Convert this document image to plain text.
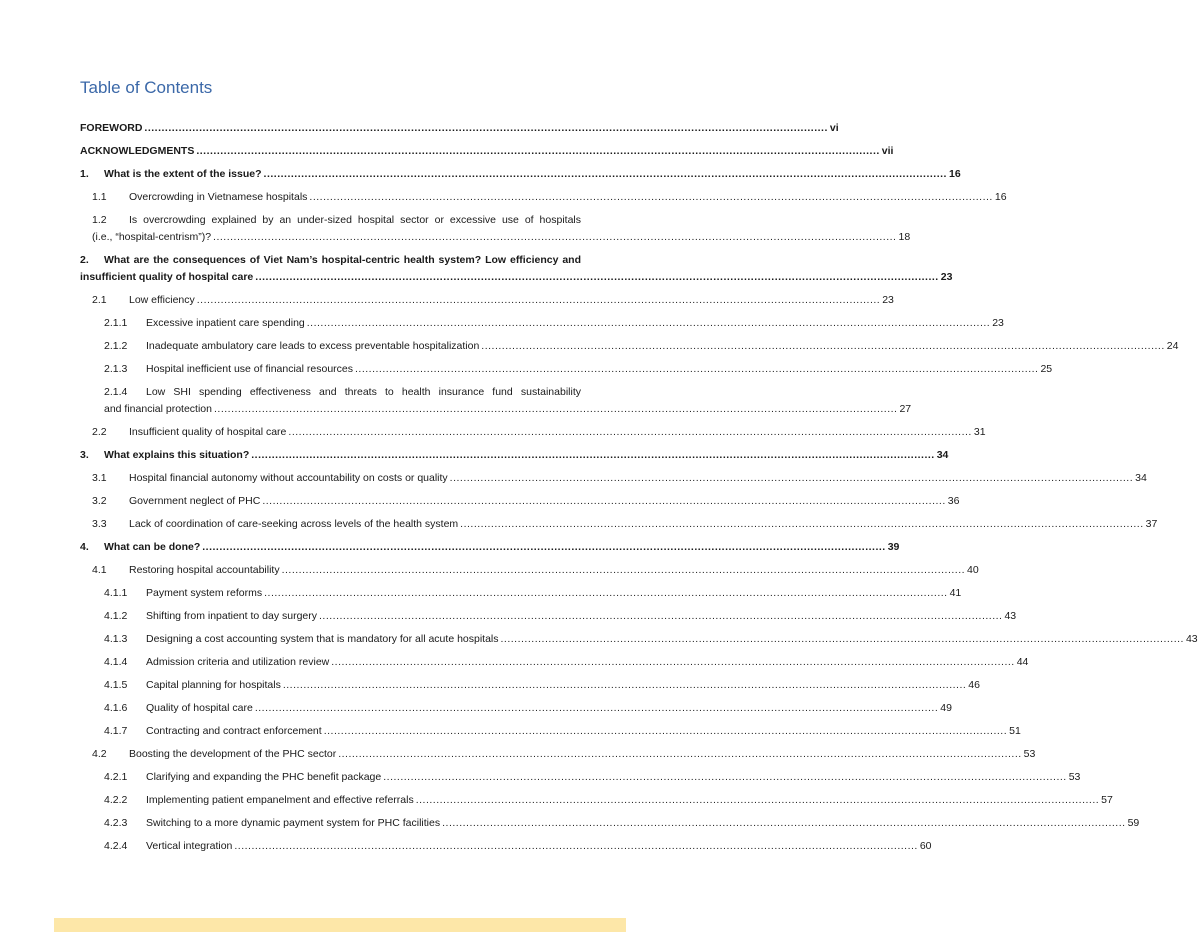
Table of Contents
FOREWORD .....	vi
ACKNOWLEDGMENTS .....	vii
1.	What is the extent of the issue? .....	16
1.1	Overcrowding in Vietnamese hospitals .....	16
1.2	Is overcrowding explained by an under-sized hospital sector or excessive use of hospitals
(i.e., “hospital-centrism”)? .....	18
2.	What are the consequences of Viet Nam’s hospital-centric health system? Low efficiency and
insufficient quality of hospital care .....	23
2.1	Low efficiency .....	23
2.1.1	Excessive inpatient care spending .....	23
2.1.2	Inadequate ambulatory care leads to excess preventable hospitalization .....	24
2.1.3	Hospital inefficient use of financial resources .....	25
2.1.4	Low SHI spending effectiveness and threats to health insurance fund sustainability
and financial protection .....	27
2.2	Insufficient quality of hospital care .....	31
3.	What explains this situation? .....	34
3.1	Hospital financial autonomy without accountability on costs or quality .....	34
3.2	Government neglect of PHC .....	36
3.3	Lack of coordination of care-seeking across levels of the health system .....	37
4.	What can be done? .....	39
4.1	Restoring hospital accountability .....	40
4.1.1	Payment system reforms .....	41
4.1.2	Shifting from inpatient to day surgery .....	43
4.1.3	Designing a cost accounting system that is mandatory for all acute hospitals .....	43
4.1.4	Admission criteria and utilization review .....	44
4.1.5	Capital planning for hospitals .....	46
4.1.6	Quality of hospital care .....	49
4.1.7	Contracting and contract enforcement .....	51
4.2	Boosting the development of the PHC sector .....	53
4.2.1	Clarifying and expanding the PHC benefit package .....	53
4.2.2	Implementing patient empanelment and effective referrals .....	57
4.2.3	Switching to a more dynamic payment system for PHC facilities .....	59
4.2.4	Vertical integration .....	60
